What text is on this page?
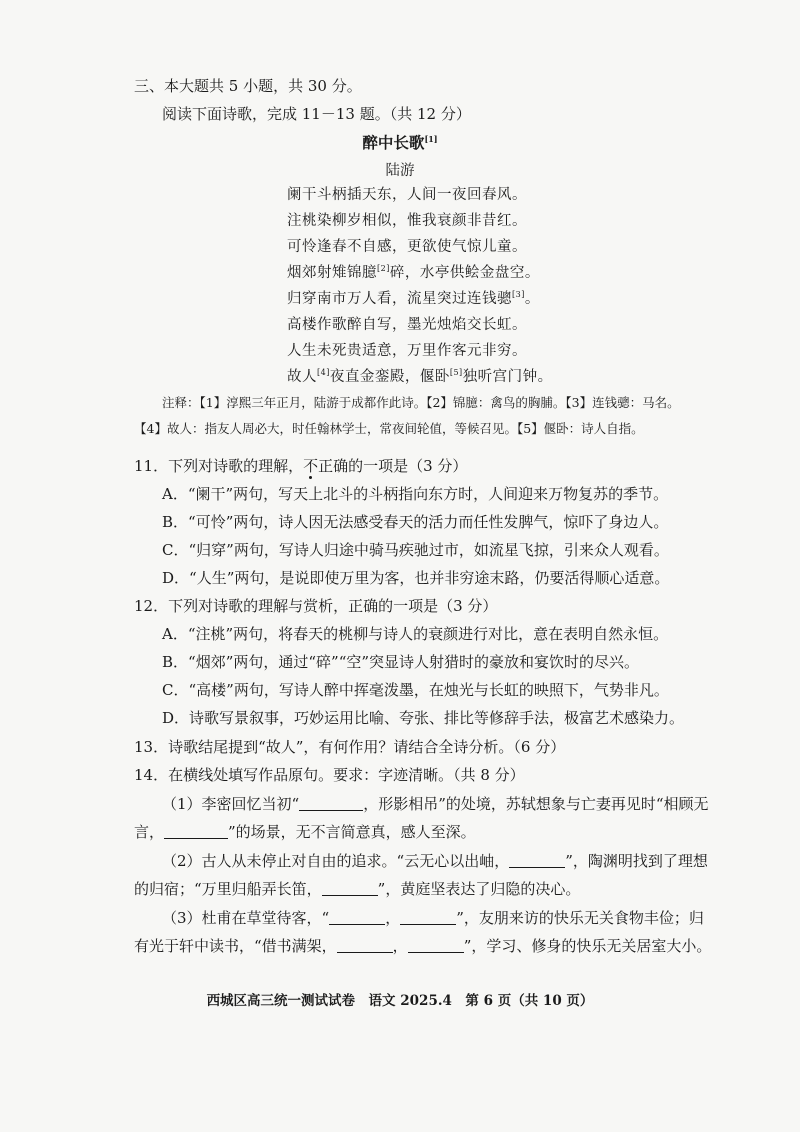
三、本大题共 5 小题，共 30 分。
阅读下面诗歌，完成 11－13 题。（共 12 分）
醉中长歌[1]
陆游
阑干斗柄插天东，人间一夜回春风。
注桃染柳岁相似，惟我衰颜非昔红。
可怜逢春不自感，更欲使气惊儿童。
烟郊射雉锦臆[2]碎，水亭供鲙金盘空。
归穿南市万人看，流星突过连钱骢[3]。
高楼作歌醉自写，墨光烛焰交长虹。
人生未死贵适意，万里作客元非穷。
故人[4]夜直金銮殿，偃卧[5]独听宫门钟。
注释：【1】淳熙三年正月，陆游于成都作此诗。【2】锦臆：禽鸟的胸脯。【3】连钱骢：马名。
【4】故人：指友人周必大，时任翰林学士，常夜间轮值，等候召见。【5】偃卧：诗人自指。
11．下列对诗歌的理解，不正确的一项是（3 分）
A．“阑干”两句，写天上北斗的斗柄指向东方时，人间迎来万物复苏的季节。
B．“可怜”两句，诗人因无法感受春天的活力而任性发脾气，惊吓了身边人。
C．“归穿”两句，写诗人归途中骑马疾驰过市，如流星飞掠，引来众人观看。
D．“人生”两句，是说即使万里为客，也并非穷途末路，仍要活得顺心适意。
12．下列对诗歌的理解与赏析，正确的一项是（3 分）
A．“注桃”两句，将春天的桃柳与诗人的衰颜进行对比，意在表明自然永恒。
B．“烟郊”两句，通过“碎”“空”突显诗人射猎时的豪放和宴饮时的尽兴。
C．“高楼”两句，写诗人醉中挥毫泼墨，在烛光与长虹的映照下，气势非凡。
D．诗歌写景叙事，巧妙运用比喻、夸张、排比等修辞手法，极富艺术感染力。
13．诗歌结尾提到“故人”，有何作用？请结合全诗分析。（6 分）
14．在横线处填写作品原句。要求：字迹清晰。（共 8 分）
（1）李密回忆当初“	，形影相吊”的处境，苏轼想象与亡妻再见时“相顾无
言，	”的场景，无不言简意真，感人至深。
（2）古人从未停止对自由的追求。“云无心以出岫，	”，陶渊明找到了理想
的归宿；“万里归船弄长笛，	”，黄庭坚表达了归隐的决心。
（3）杜甫在草堂待客，“	，	”，友朋来访的快乐无关食物丰俭；归
有光于轩中读书，“借书满架，	，	”，学习、修身的快乐无关居室大小。
西城区高三统一测试试卷　语文 2025.4　第 6 页（共 10 页）
